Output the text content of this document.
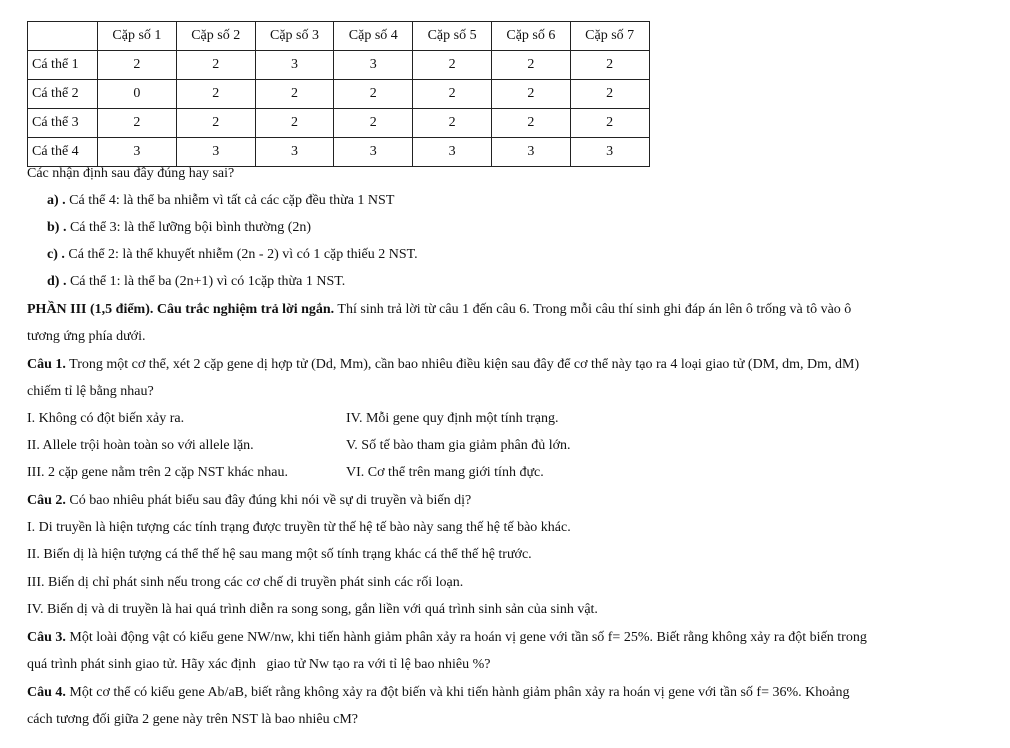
	Cặp số 1	Cặp số 2	Cặp số 3	Cặp số 4	Cặp số 5	Cặp số 6	Cặp số 7
Cá thể 1	2	2	3	3	2	2	2
Cá thể 2	0	2	2	2	2	2	2
Cá thể 3	2	2	2	2	2	2	2
Cá thể 4	3	3	3	3	3	3	3
Các nhận định sau đây đúng hay sai?
a) . Cá thể 4: là thể ba nhiễm vì tất cả các cặp đều thừa 1 NST
b) . Cá thể 3: là thể lưỡng bội bình thường (2n)
c) . Cá thể 2: là thể khuyết nhiễm (2n - 2) vì có 1 cặp thiếu 2 NST.
d) . Cá thể 1: là thể ba (2n+1) vì có 1cặp thừa 1 NST.
PHẦN III (1,5 điểm). Câu trắc nghiệm trả lời ngắn. Thí sinh trả lời từ câu 1 đến câu 6. Trong mỗi câu thí sinh ghi đáp án lên ô trống và tô vào ô
tương ứng phía dưới.
Câu 1. Trong một cơ thể, xét 2 cặp gene dị hợp tử (Dd, Mm), cần bao nhiêu điều kiện sau đây để cơ thể này tạo ra 4 loại giao tử (DM, dm, Dm, dM)
chiếm tỉ lệ bằng nhau?
I. Không có đột biến xảy ra.	IV. Mỗi gene quy định một tính trạng.
II. Allele trội hoàn toàn so với allele lặn.	V. Số tế bào tham gia giảm phân đủ lớn.
III. 2 cặp gene nằm trên 2 cặp NST khác nhau.	VI. Cơ thể trên mang giới tính đực.
Câu 2. Có bao nhiêu phát biểu sau đây đúng khi nói về sự di truyền và biến dị?
I. Di truyền là hiện tượng các tính trạng được truyền từ thế hệ tế bào này sang thế hệ tế bào khác.
II. Biến dị là hiện tượng cá thể thế hệ sau mang một số tính trạng khác cá thể thế hệ trước.
III. Biến dị chỉ phát sinh nếu trong các cơ chế di truyền phát sinh các rối loạn.
IV. Biến dị và di truyền là hai quá trình diễn ra song song, gắn liền với quá trình sinh sản của sinh vật.
Câu 3. Một loài động vật có kiểu gene NW/nw, khi tiến hành giảm phân xảy ra hoán vị gene với tần số f= 25%. Biết rằng không xảy ra đột biến trong
quá trình phát sinh giao tử. Hãy xác định   giao tử Nw tạo ra với tỉ lệ bao nhiêu %?
Câu 4. Một cơ thể có kiểu gene Ab/aB, biết rằng không xảy ra đột biến và khi tiến hành giảm phân xảy ra hoán vị gene với tần số f= 36%. Khoảng
cách tương đối giữa 2 gene này trên NST là bao nhiêu cM?
